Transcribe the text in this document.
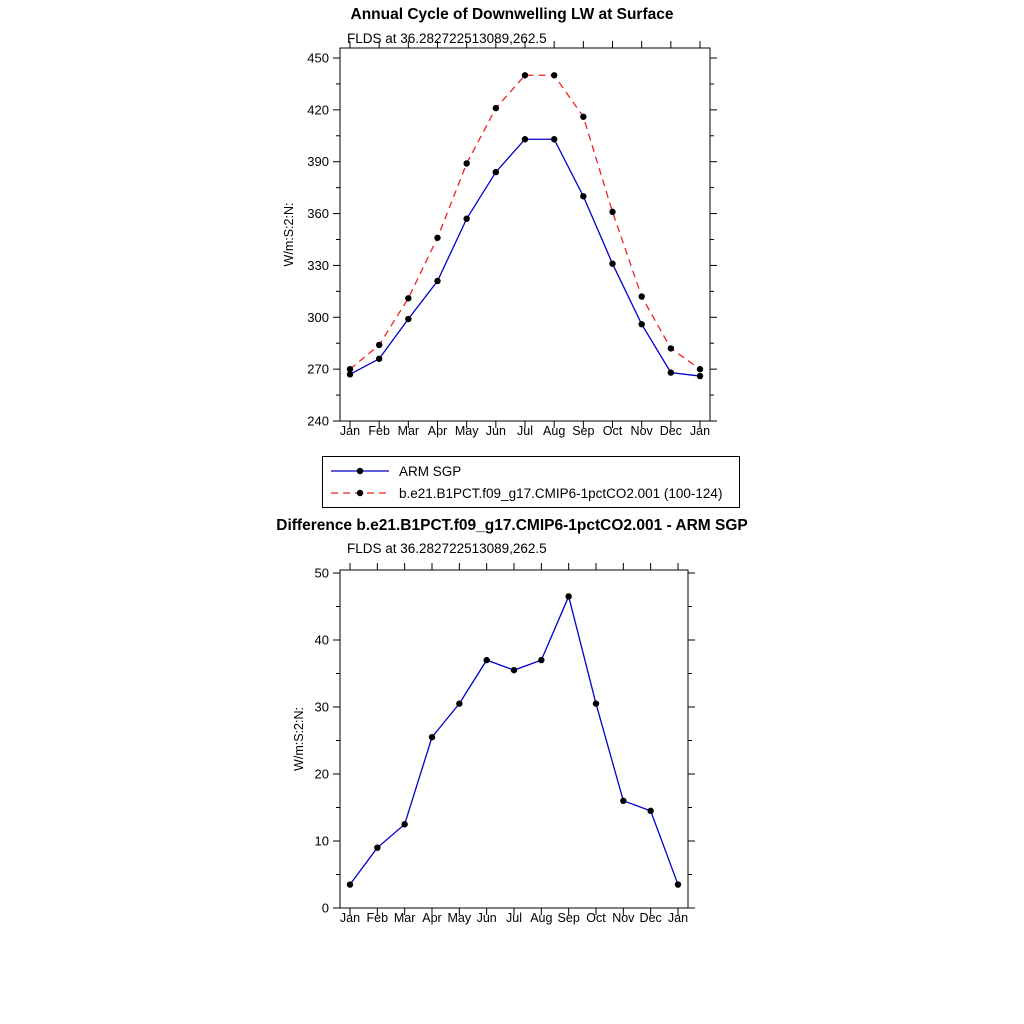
Annual Cycle of Downwelling LW at Surface
FLDS at 36.282722513089,262.5
240
270
300
330
360
390
420
450
Jan Feb Mar Apr May Jun Jul Aug Sep Oct Nov Dec Jan
W/m:S:2:N:
ARM SGP
b.e21.B1PCT.f09_g17.CMIP6-1pctCO2.001 (100-124)
Difference b.e21.B1PCT.f09_g17.CMIP6-1pctCO2.001 - ARM SGP
FLDS at 36.282722513089,262.5
0
10
20
30
40
50
Jan Feb Mar Apr May Jun Jul Aug Sep Oct Nov Dec Jan
W/m:S:2:N:
